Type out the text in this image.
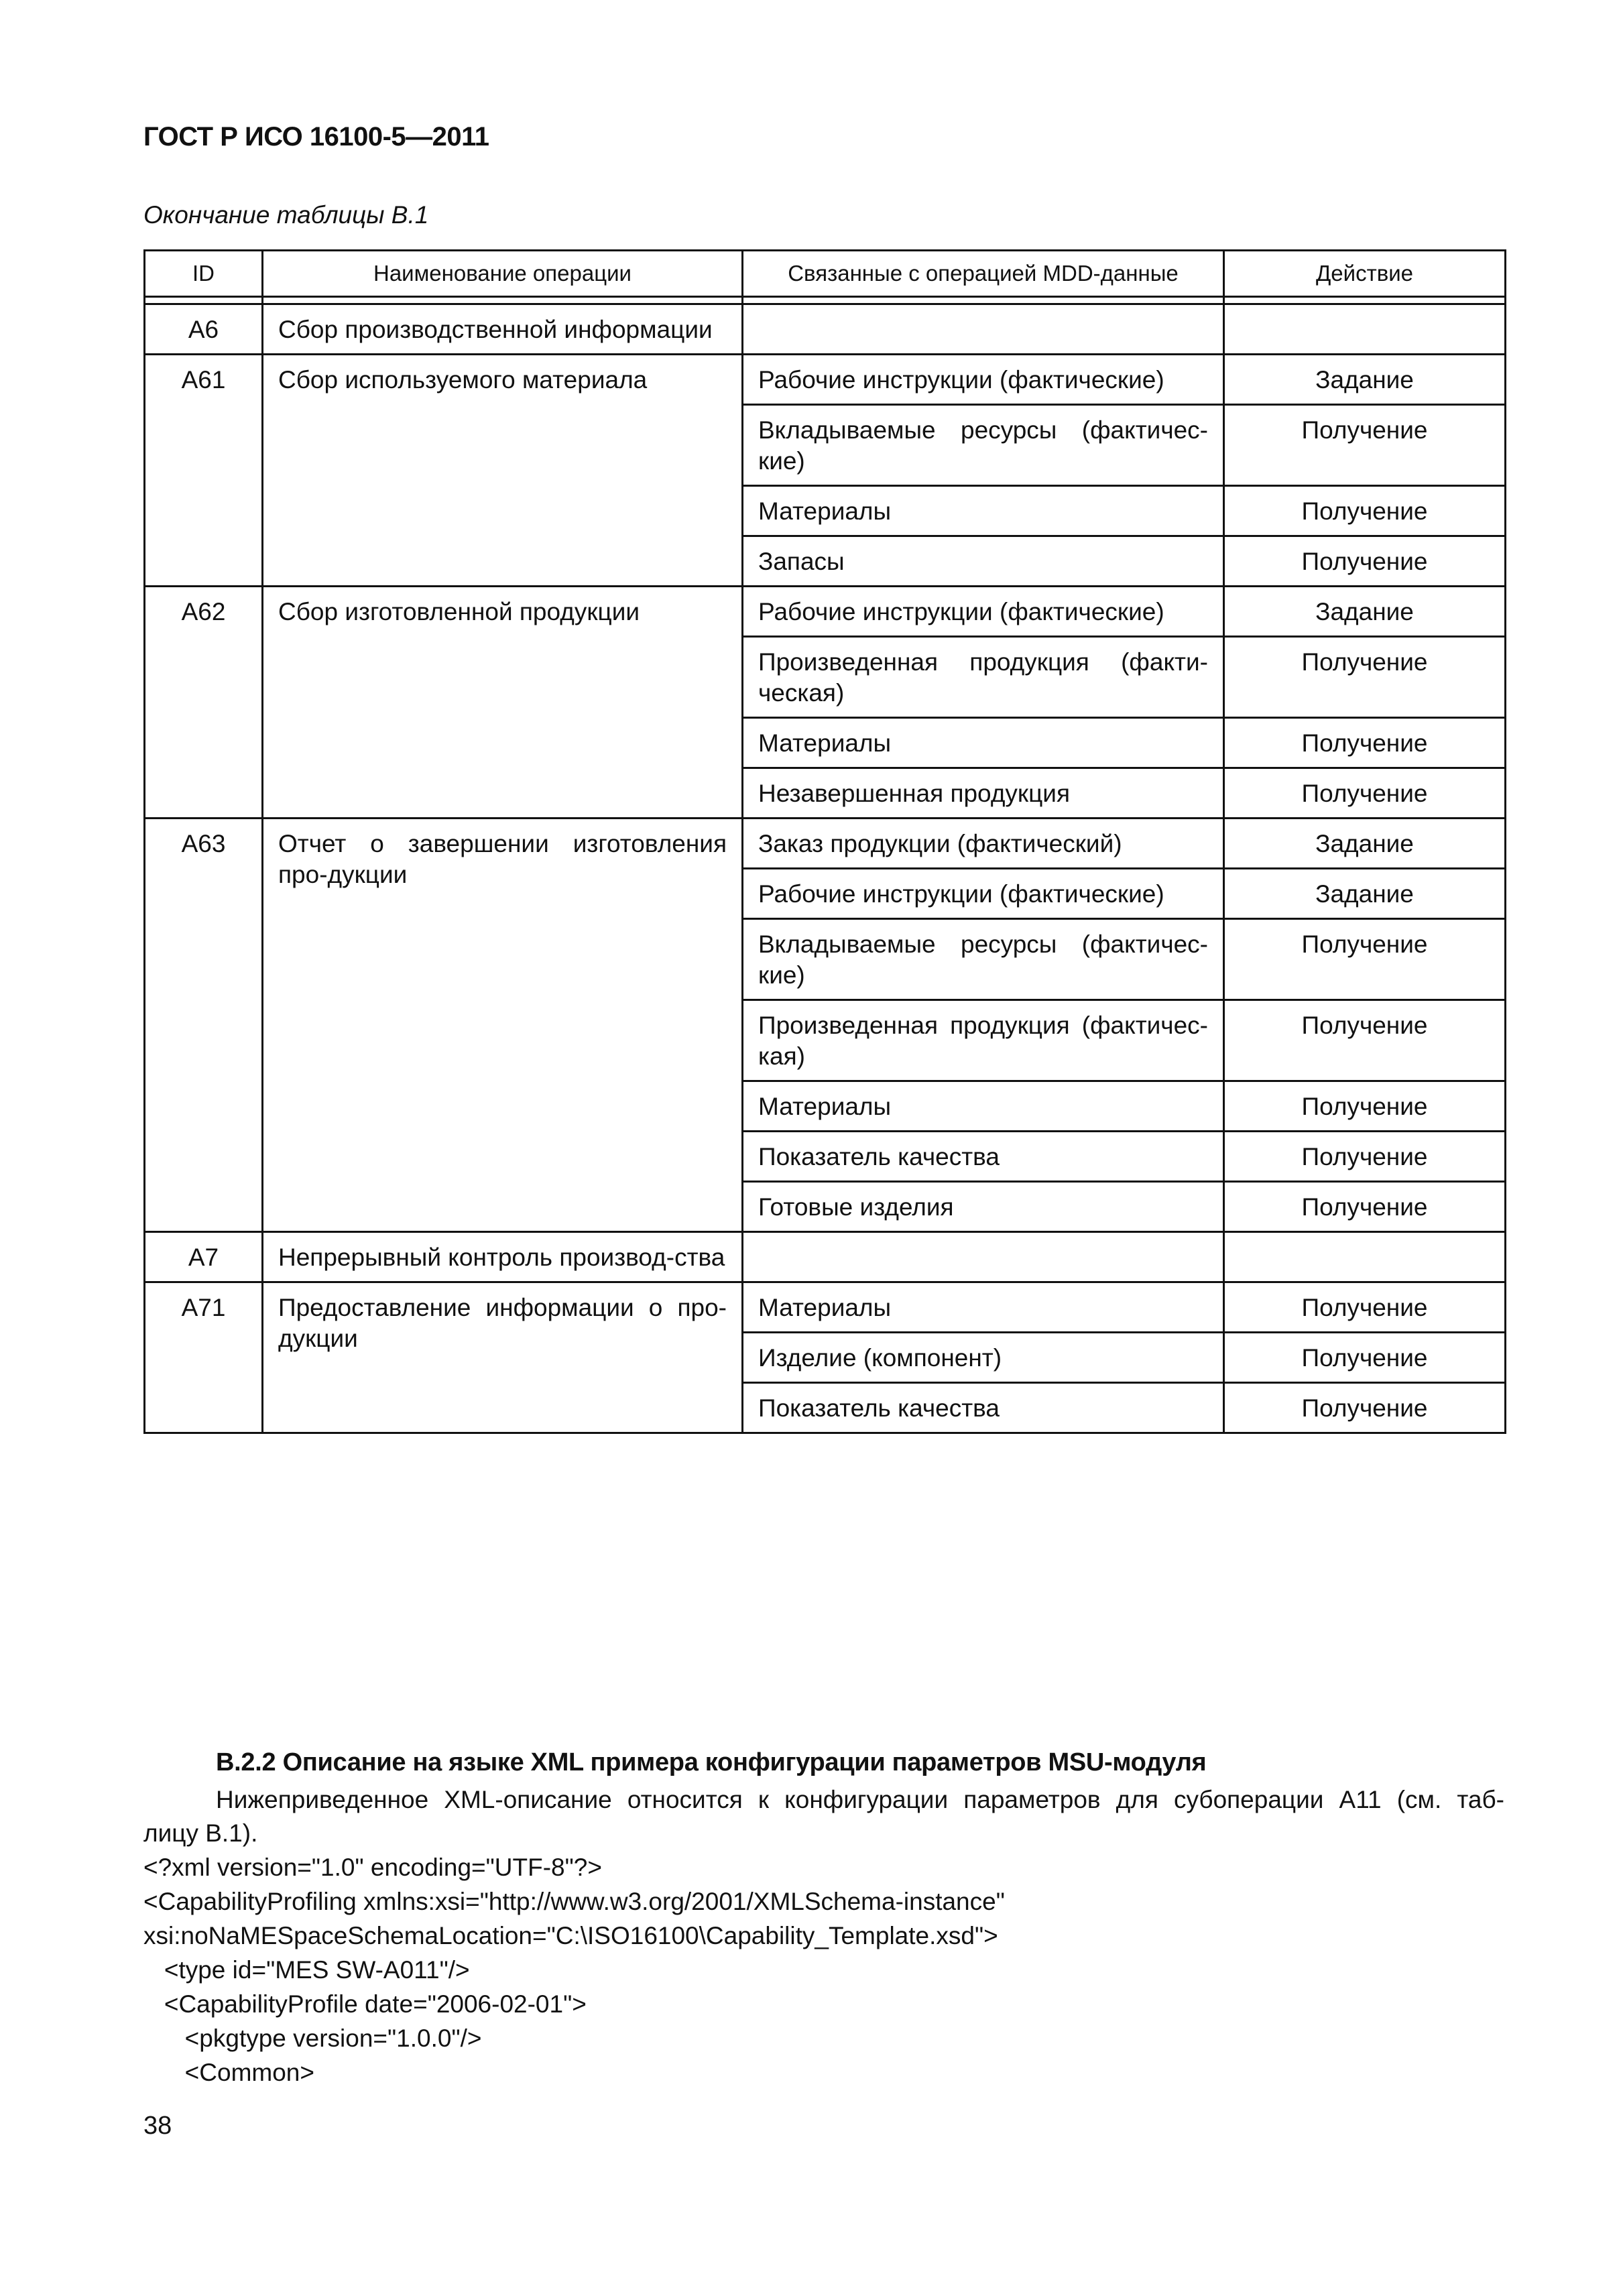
ГОСТ Р ИСО 16100-5—2011
Окончание таблицы В.1
ID	Наименование операции	Связанные с операцией MDD-данные	Действие

А6	Сбор производственной информации		
А61	Сбор используемого материала	Рабочие инструкции (фактические)	Задание
		Вкладываемые ресурсы (фактичес-кие)	Получение
		Материалы	Получение
		Запасы	Получение
А62	Сбор изготовленной продукции	Рабочие инструкции (фактические)	Задание
		Произведенная продукция (факти-ческая)	Получение
		Материалы	Получение
		Незавершенная продукция	Получение
А63	Отчет о завершении изготовления про-дукции	Заказ продукции (фактический)	Задание
		Рабочие инструкции (фактические)	Задание
		Вкладываемые ресурсы (фактичес-кие)	Получение
		Произведенная продукция (фактичес-кая)	Получение
		Материалы	Получение
		Показатель качества	Получение
		Готовые изделия	Получение
А7	Непрерывный контроль производ-ства		
А71	Предоставление информации о про-дукции	Материалы	Получение
		Изделие (компонент)	Получение
		Показатель качества	Получение
В.2.2 Описание на языке XML примера конфигурации параметров MSU-модуля
Нижеприведенное XML-описание относится к конфигурации параметров для субоперации А11 (см. таб-
лицу В.1).
<?xml version="1.0" encoding="UTF-8"?>
<CapabilityProfiling xmlns:xsi="http://www.w3.org/2001/XMLSchema-instance"
xsi:noNaMESpaceSchemaLocation="C:\ISO16100\Capability_Template.xsd">
<type id="MES SW-A011"/>
<CapabilityProfile date="2006-02-01">
<pkgtype version="1.0.0"/>
<Common>
38
